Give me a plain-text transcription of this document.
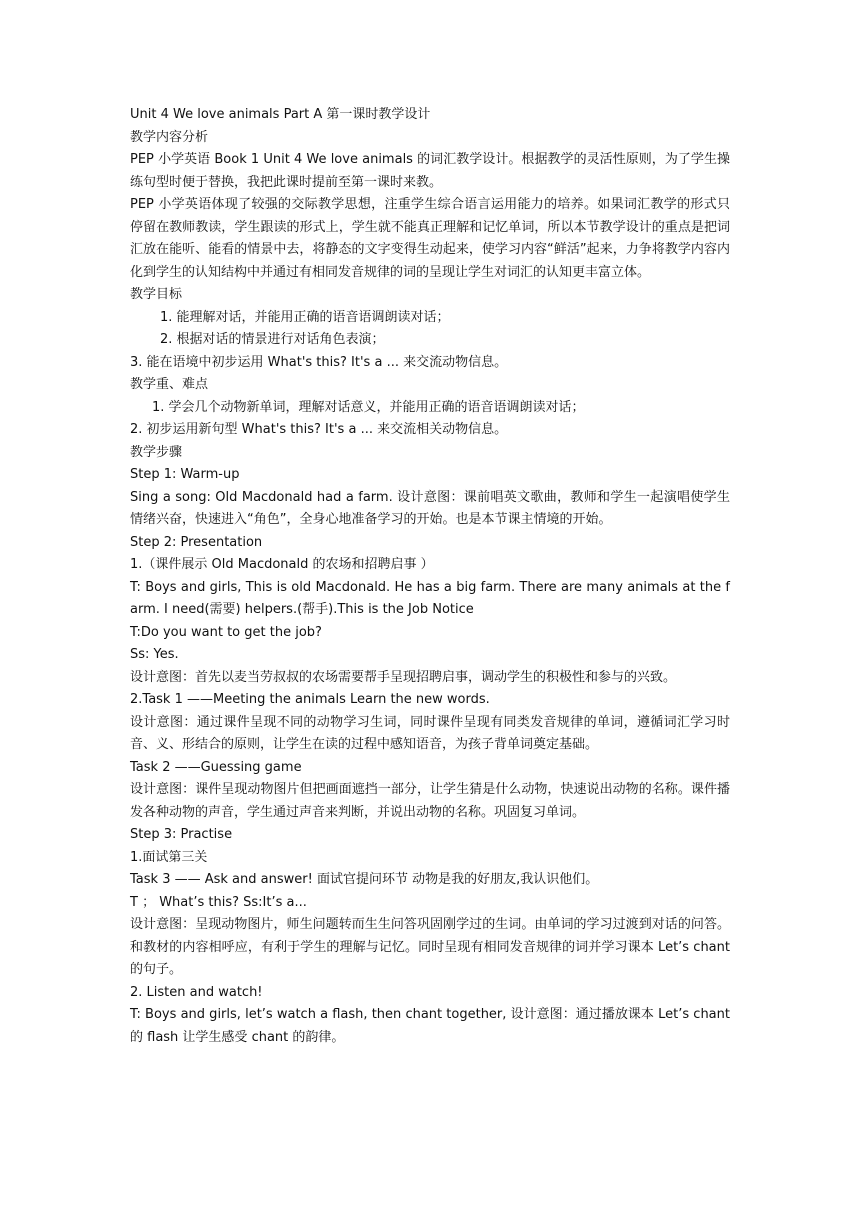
Unit 4 We love animals Part A 第一课时教学设计

教学内容分析

PEP 小学英语 Book 1 Unit 4 We love animals 的词汇教学设计。根据教学的灵活性原则，为了学生操练句型时便于替换，我把此课时提前至第一课时来教。

PEP 小学英语体现了较强的交际教学思想，注重学生综合语言运用能力的培养。如果词汇教学的形式只停留在教师教读，学生跟读的形式上，学生就不能真正理解和记忆单词，所以本节教学设计的重点是把词汇放在能听、能看的情景中去，将静态的文字变得生动起来，使学习内容“鲜活”起来，力争将教学内容内化到学生的认知结构中并通过有相同发音规律的词的呈现让学生对词汇的认知更丰富立体。

教学目标

1. 能理解对话，并能用正确的语音语调朗读对话；

2. 根据对话的情景进行对话角色表演；

3. 能在语境中初步运用 What's this? It's a ... 来交流动物信息。

教学重、难点

1. 学会几个动物新单词，理解对话意义，并能用正确的语音语调朗读对话；

2. 初步运用新句型 What's this? It's a ... 来交流相关动物信息。

教学步骤

Step 1: Warm-up

Sing a song: Old Macdonald had a farm. 设计意图：课前唱英文歌曲，教师和学生一起演唱使学生情绪兴奋，快速进入“角色”，全身心地准备学习的开始。也是本节课主情境的开始。

Step 2: Presentation

1.（课件展示 Old Macdonald 的农场和招聘启事 ）

T: Boys and girls, This is old Macdonald. He has a big farm. There are many animals at the farm. I need(需要) helpers.(帮手).This is the Job Notice

T:Do you want to get the job?

Ss: Yes.

设计意图：首先以麦当劳叔叔的农场需要帮手呈现招聘启事，调动学生的积极性和参与的兴致。

2.Task 1 ——Meeting the animals Learn the new words.

设计意图：通过课件呈现不同的动物学习生词，同时课件呈现有同类发音规律的单词，遵循词汇学习时音、义、形结合的原则，让学生在读的过程中感知语音，为孩子背单词奠定基础。

Task 2 ——Guessing game

设计意图：课件呈现动物图片但把画面遮挡一部分，让学生猜是什么动物，快速说出动物的名称。课件播发各种动物的声音，学生通过声音来判断，并说出动物的名称。巩固复习单词。

Step 3: Practise

1.面试第三关

Task 3 —— Ask and answer! 面试官提问环节 动物是我的好朋友,我认识他们。

T ； What’s this? Ss:It’s a...

设计意图：呈现动物图片，师生问题转而生生问答巩固刚学过的生词。由单词的学习过渡到对话的问答。和教材的内容相呼应，有利于学生的理解与记忆。同时呈现有相同发音规律的词并学习课本 Let’s chant 的句子。

2. Listen and watch!

T: Boys and girls, let’s watch a flash, then chant together, 设计意图：通过播放课本 Let’s chant 的 flash 让学生感受 chant 的韵律。
